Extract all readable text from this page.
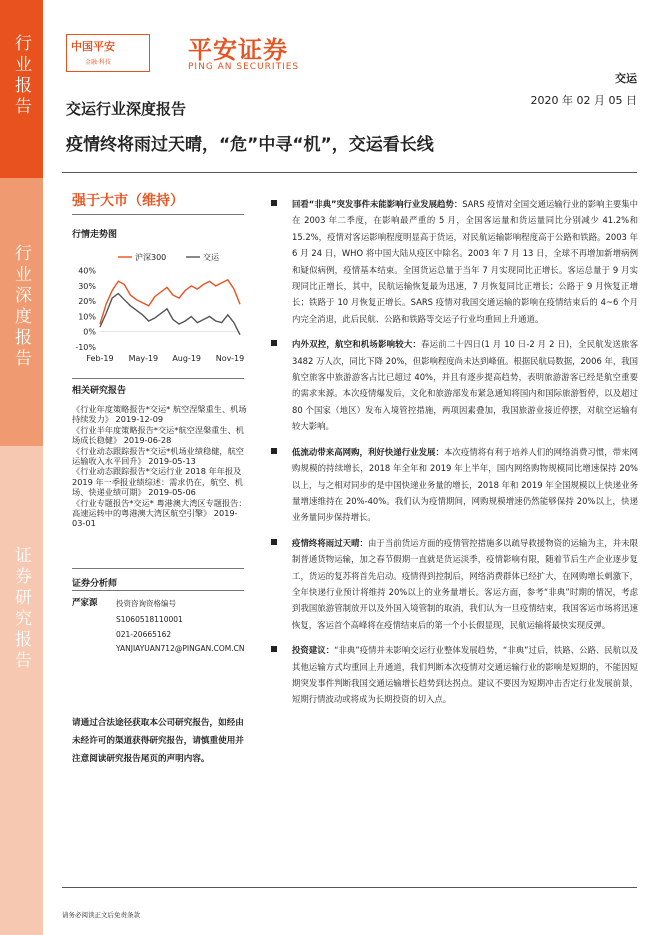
行业报告
行业深度报告
证券研究报告
中国平安
金融·科技	平安证券
PING AN SECURITIES
交运
2020 年 02 月 05 日
交运行业深度报告
疫情终将雨过天晴，“危”中寻“机”，交运看长线
强于大市（维持）
行情走势图
40%
30%
20%
10%
0%
-10%
Feb-19 May-19 Aug-19 Nov-19
沪深300	交运
相关研究报告
《行业年度策略报告*交运* 航空涅槃重生、机场持续发力》 2019-12-09
《行业半年度策略报告*交运*航空涅槃重生、机场成长稳健》 2019-06-28
《行业动态跟踪报告*交运*机场业绩稳健，航空运输收入水平回升》 2019-05-13
《行业动态跟踪报告*交运行业 2018 年年报及 2019 年一季报业绩综述：需求仍在，航空、机场、快递业绩可期》 2019-05-06
《行业专题报告*交运* 粤港澳大湾区专题报告：高速运转中的粤港澳大湾区航空引擎》 2019-03-01
证券分析师
严家源 投资咨询资格编号
S1060518110001
021-20665162
YANJIAYUAN712@PINGAN.COM.CN
请通过合法途径获取本公司研究报告，如经由未经许可的渠道获得研究报告，请慎重使用并注意阅读研究报告尾页的声明内容。
回看“非典”突发事件未能影响行业发展趋势：SARS 疫情对全国交通运输行业的影响主要集中在 2003 年二季度，在影响最严重的 5 月，全国客运量和货运量同比分别减少 41.2%和 15.2%，疫情对客运影响程度明显高于货运，对民航运输影响程度高于公路和铁路。2003 年 6 月 24 日，WHO 将中国大陆从疫区中除名。2003 年 7 月 13 日，全球不再增加新增病例和疑似病例，疫情基本结束。全国货运总量于当年 7 月实现同比正增长。客运总量于 9 月实现同比正增长，其中，民航运输恢复最为迅速，7 月恢复同比正增长；公路于 9 月恢复正增长；铁路于 10 月恢复正增长。SARS 疫情对我国交通运输的影响在疫情结束后的 4~6 个月内完全消退，此后民航、公路和铁路等交运子行业均重回上升通道。
内外双控，航空和机场影响较大：春运前二十四日(1 月 10 日-2 月 2 日)，全民航发送旅客 3482 万人次，同比下降 20%，但影响程度尚未达到峰值。根据民航局数据，2006 年，我国航空旅客中旅游游客占比已超过 40%，并且有逐步提高趋势，表明旅游游客已经是航空重要的需求来源。本次疫情爆发后，文化和旅游部发布紧急通知将国内和国际旅游暂停，以及超过 80 个国家（地区）发布入境管控措施，两项因素叠加，我国旅游业接近停摆，对航空运输有较大影响。
低流动带来高网购，利好快递行业发展：本次疫情将有利于培养人们的网络消费习惯，带来网购规模的持续增长，2018 年全年和 2019 年上半年，国内网络购物规模同比增速保持 20%以上，与之相对同步的是中国快递业务量的增长，2018 年和 2019 年全国规模以上快递业务量增速维持在 20%-40%。我们认为疫情期间，网购规模增速仍然能够保持 20%以上，快递业务量同步保持增长。
疫情终将雨过天晴：由于当前货运方面的疫情管控措施多以疏导救援物资的运输为主，并未限制普通货物运输，加之春节假期一直就是货运淡季，疫情影响有限，随着节后生产企业逐步复工，货运的复苏将首先启动。疫情得到控制后，网络消费群体已经扩大，在网购增长刺激下，全年快递行业预计将维持 20%以上的业务量增长。客运方面，参考“非典”时期的情况，考虑到我国旅游管制放开以及外国入境管制的取消，我们认为一旦疫情结束，我国客运市场将迅速恢复，客运首个高峰将在疫情结束后的第一个小长假显现，民航运输将最快实现反弹。
投资建议：“非典”疫情并未影响交运行业整体发展趋势，“非典”过后，铁路、公路、民航以及其他运输方式均重回上升通道，我们判断本次疫情对交通运输行业的影响是短期的，不能因短期突发事件判断我国交通运输增长趋势到达拐点。建议不要因为短期冲击否定行业发展前景，短期行情波动或将成为长期投资的切入点。
请务必阅读正文后免责条款
